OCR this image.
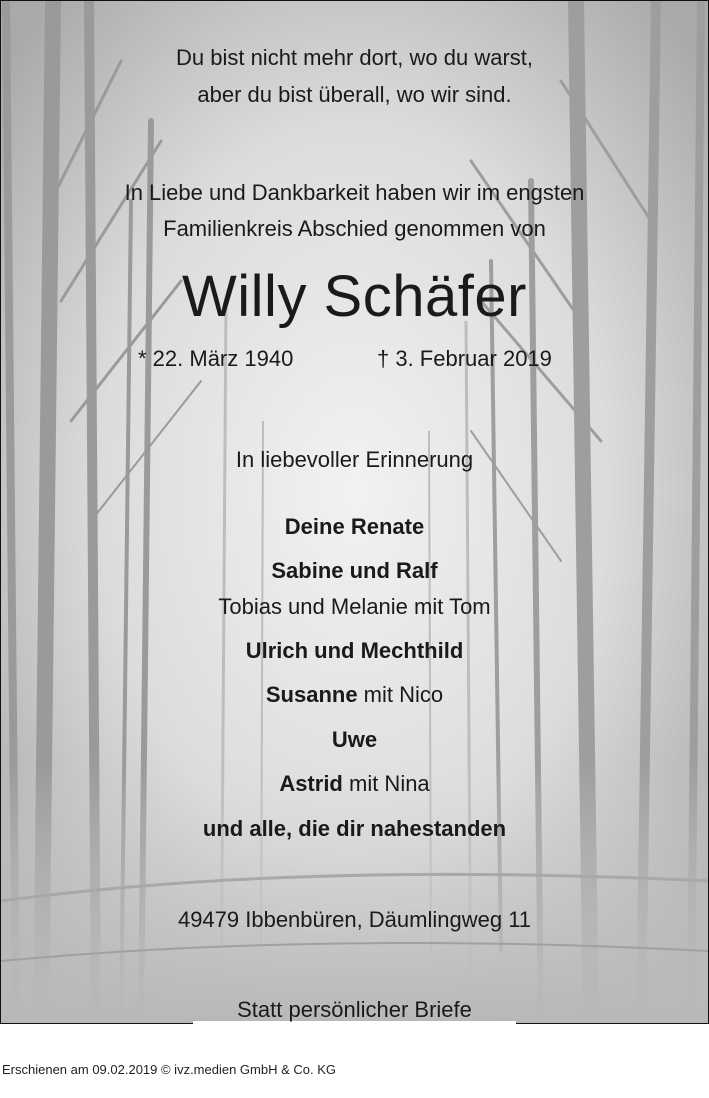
Du bist nicht mehr dort, wo du warst,
aber du bist überall, wo wir sind.
In Liebe und Dankbarkeit haben wir im engsten
Familienkreis Abschied genommen von
Willy Schäfer
* 22. März 1940	† 3. Februar 2019
In liebevoller Erinnerung
Deine Renate
Sabine und Ralf
Tobias und Melanie mit Tom
Ulrich und Mechthild
Susanne mit Nico
Uwe
Astrid mit Nina
und alle, die dir nahestanden
49479 Ibbenbüren, Däumlingweg 11
Statt persönlicher Briefe
Erschienen am 09.02.2019 © ivz.medien GmbH & Co. KG
